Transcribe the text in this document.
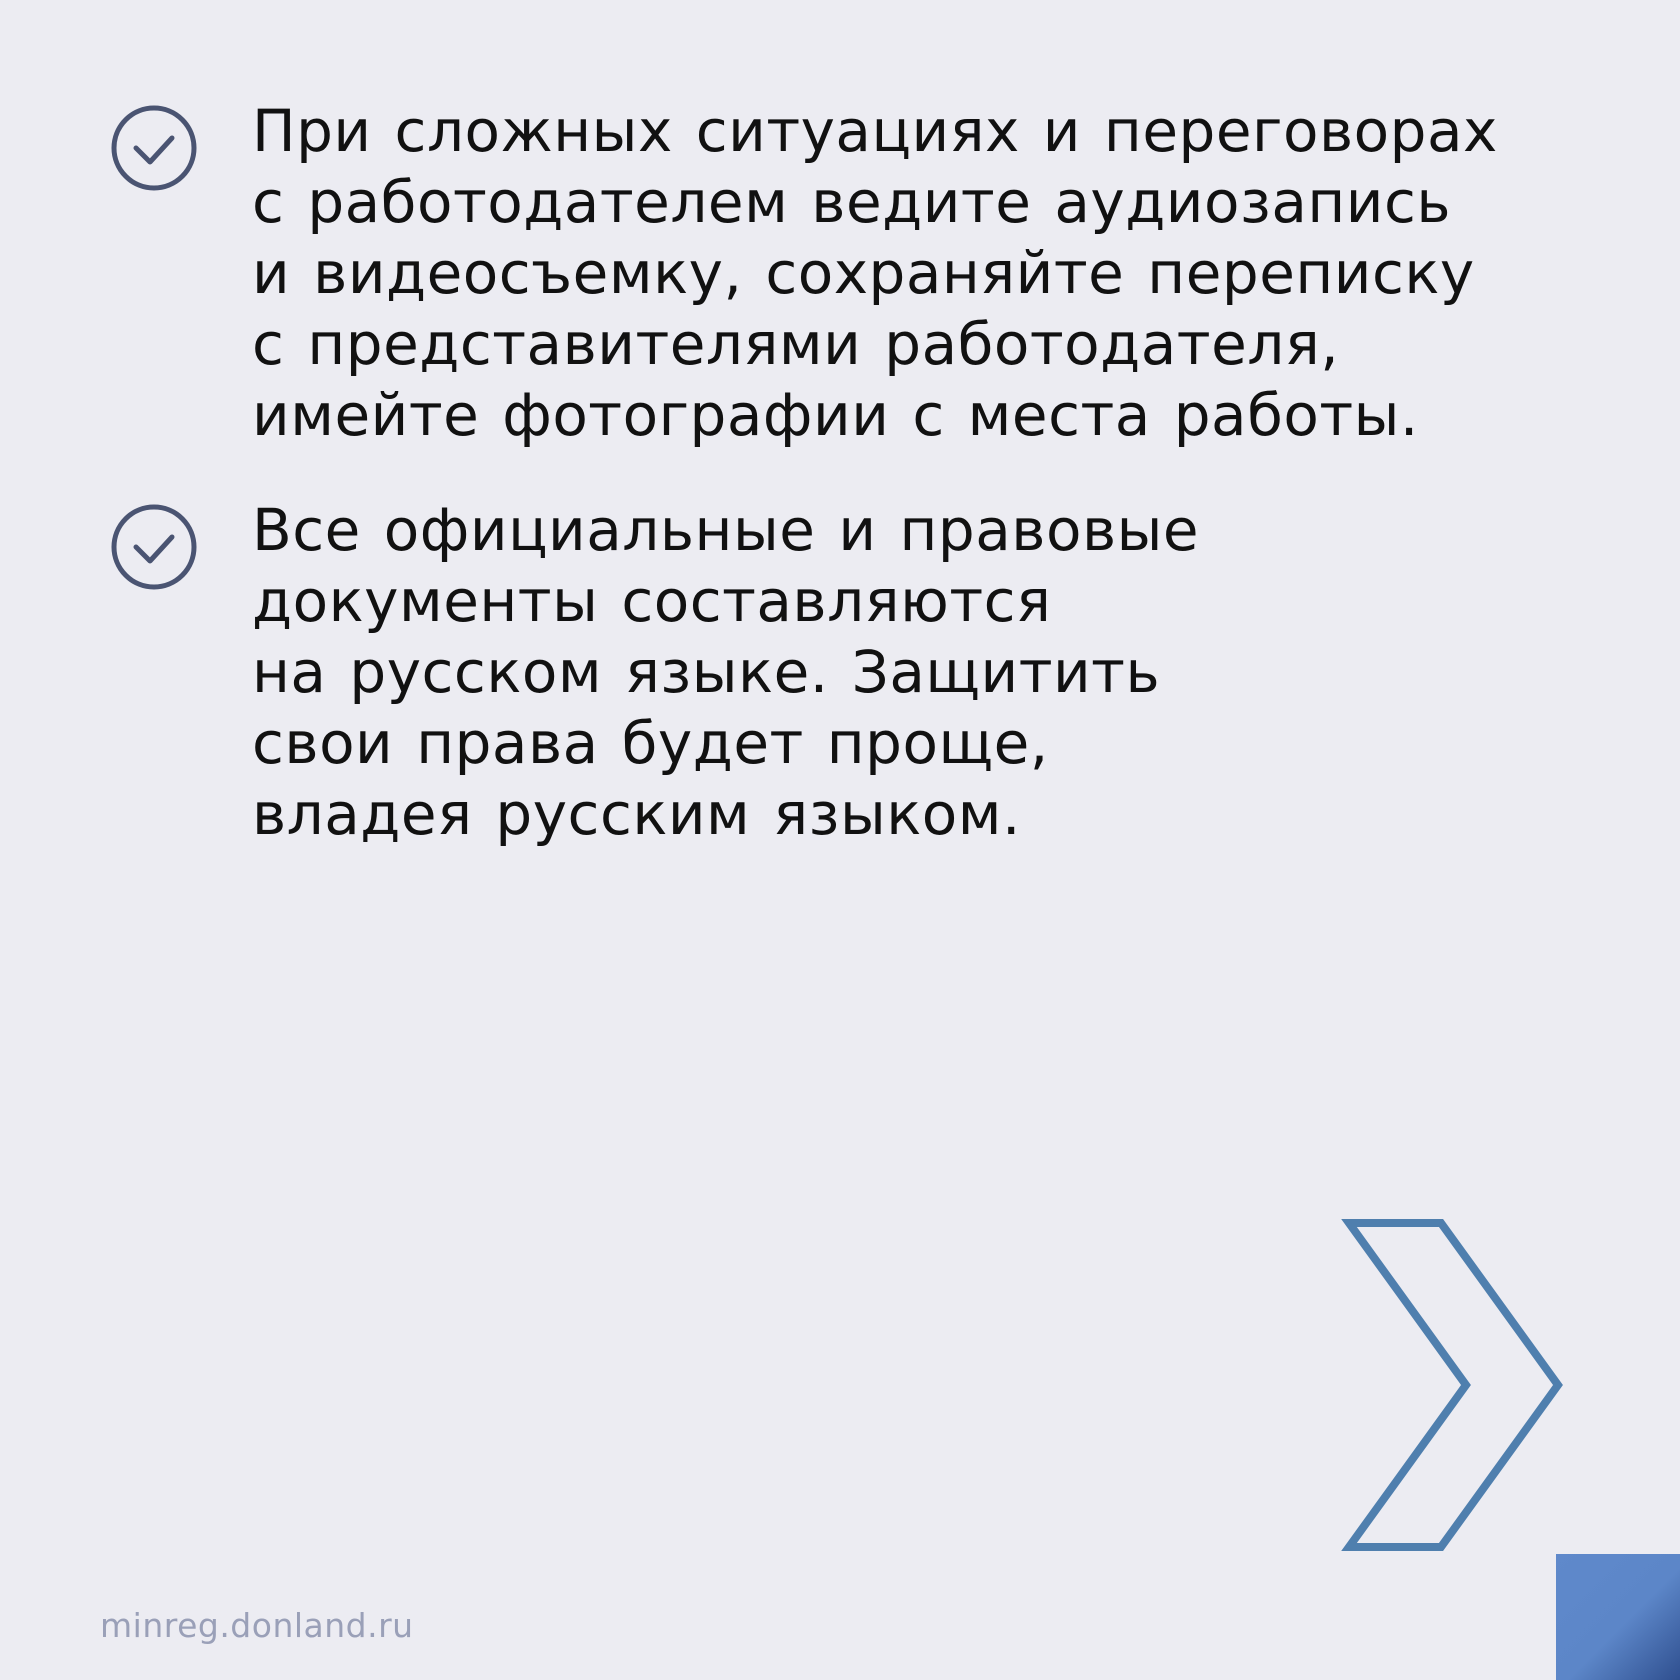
При сложных ситуациях и переговорах
с работодателем ведите аудиозапись
и видеосъемку, сохраняйте переписку
с представителями работодателя,
имейте фотографии с места работы.

Все официальные и правовые
документы составляются
на русском языке. Защитить
свои права будет проще,
владея русским языком.

minreg.donland.ru
